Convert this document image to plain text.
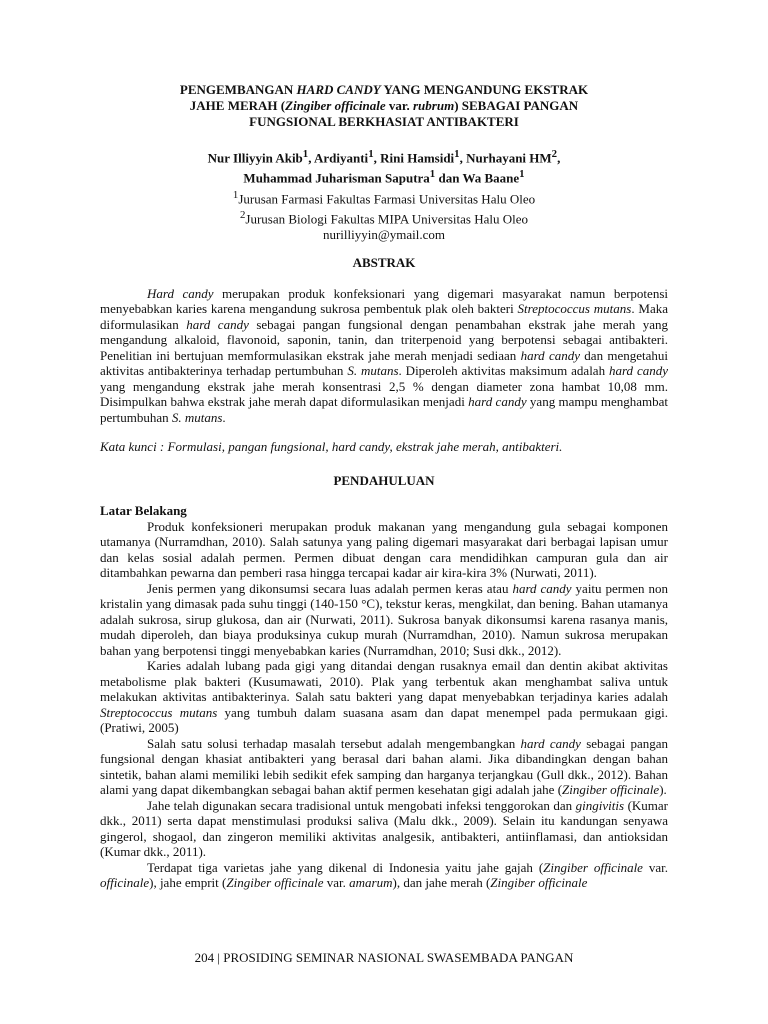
PENGEMBANGAN HARD CANDY YANG MENGANDUNG EKSTRAK
JAHE MERAH (Zingiber officinale var. rubrum) SEBAGAI PANGAN
FUNGSIONAL BERKHASIAT ANTIBAKTERI
Nur Illiyyin Akib$^1$, Ardiyanti$^1$, Rini Hamsidi$^1$, Nurhayani $HM^2$,
Muhammad Juharisman Saputra$^1$ dan Wa Baane$^1$
$^1$Jurusan Farmasi Fakultas Farmasi Universitas Halu Oleo
$^2$Jurusan Biologi Fakultas MIPA Universitas Halu Oleo
nurilliyyin@ymail.com
ABSTRAK

Hard candy merupakan produk konfeksionari yang digemari masyarakat namun berpotensi menyebabkan karies karena mengandung sukrosa pembentuk plak oleh bakteri Streptococcus mutans. Maka diformulasikan hard candy sebagai pangan fungsional dengan penambahan ekstrak jahe merah yang mengandung alkaloid, flavonoid, saponin, tanin, dan triterpenoid yang berpotensi sebagai antibakteri. Penelitian ini bertujuan memformulasikan ekstrak jahe merah menjadi sediaan hard candy dan mengetahui aktivitas antibakterinya terhadap pertumbuhan S. mutans. Diperoleh aktivitas maksimum adalah hard candy yang mengandung ekstrak jahe merah konsentrasi 2,5 % dengan diameter zona hambat 10,08 mm. Disimpulkan bahwa ekstrak jahe merah dapat diformulasikan menjadi hard candy yang mampu menghambat pertumbuhan S. mutans.

Kata kunci : Formulasi, pangan fungsional, hard candy, ekstrak jahe merah, antibakteri.

PENDAHULUAN
Latar Belakang

Produk konfeksioneri merupakan produk makanan yang mengandung gula sebagai komponen utamanya (Nurramdhan, 2010). Salah satunya yang paling digemari masyarakat dari berbagai lapisan umur dan kelas sosial adalah permen. Permen dibuat dengan cara mendidihkan campuran gula dan air ditambahkan pewarna dan pemberi rasa hingga tercapai kadar air kira-kira 3% (Nurwati, 2011).

Jenis permen yang dikonsumsi secara luas adalah permen keras atau hard candy yaitu permen non kristalin yang dimasak pada suhu tinggi (140-150 °C), tekstur keras, mengkilat, dan bening. Bahan utamanya adalah sukrosa, sirup glukosa, dan air (Nurwati, 2011). Sukrosa banyak dikonsumsi karena rasanya manis, mudah diperoleh, dan biaya produksinya cukup murah (Nurramdhan, 2010). Namun sukrosa merupakan bahan yang berpotensi tinggi menyebabkan karies (Nurramdhan, 2010; Susi dkk., 2012).

Karies adalah lubang pada gigi yang ditandai dengan rusaknya email dan dentin akibat aktivitas metabolisme plak bakteri (Kusumawati, 2010). Plak yang terbentuk akan menghambat saliva untuk melakukan aktivitas antibakterinya. Salah satu bakteri yang dapat menyebabkan terjadinya karies adalah Streptococcus mutans yang tumbuh dalam suasana asam dan dapat menempel pada permukaan gigi. (Pratiwi, 2005)

Salah satu solusi terhadap masalah tersebut adalah mengembangkan hard candy sebagai pangan fungsional dengan khasiat antibakteri yang berasal dari bahan alami. Jika dibandingkan dengan bahan sintetik, bahan alami memiliki lebih sedikit efek samping dan harganya terjangkau (Gull dkk., 2012). Bahan alami yang dapat dikembangkan sebagai bahan aktif permen kesehatan gigi adalah jahe (Zingiber officinale).

Jahe telah digunakan secara tradisional untuk mengobati infeksi tenggorokan dan gingivitis (Kumar dkk., 2011) serta dapat menstimulasi produksi saliva (Malu dkk., 2009). Selain itu kandungan senyawa gingerol, shogaol, dan zingeron memiliki aktivitas analgesik, antibakteri, antiinflamasi, dan antioksidan (Kumar dkk., 2011).

Terdapat tiga varietas jahe yang dikenal di Indonesia yaitu jahe gajah (Zingiber officinale var. officinale), jahe emprit (Zingiber officinale var. amarum), dan jahe merah (Zingiber officinale

204 | PROSIDING SEMINAR NASIONAL SWASEMBADA PANGAN
